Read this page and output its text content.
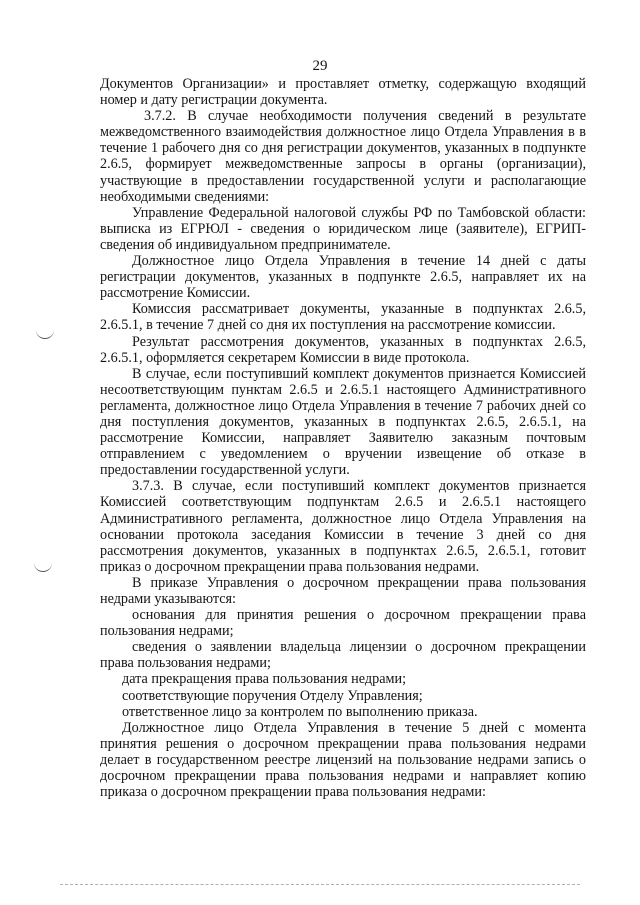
29

Документов Организации» и проставляет отметку, содержащую входящий номер и дату регистрации документа.

3.7.2. В случае необходимости получения сведений в результате межведомственного взаимодействия должностное лицо Отдела Управления в в течение 1 рабочего дня со дня регистрации документов, указанных в подпункте 2.6.5, формирует межведомственные запросы в органы (организации), участвующие в предоставлении государственной услуги и располагающие необходимыми сведениями:

Управление Федеральной налоговой службы РФ по Тамбовской области: выписка из ЕГРЮЛ - сведения о юридическом лице (заявителе), ЕГРИП- сведения об индивидуальном предпринимателе.

Должностное лицо Отдела Управления в течение 14 дней с даты регистрации документов, указанных в подпункте 2.6.5, направляет их на рассмотрение Комиссии.

Комиссия рассматривает документы, указанные в подпунктах 2.6.5, 2.6.5.1, в течение 7 дней со дня их поступления на рассмотрение комиссии.

Результат рассмотрения документов, указанных в подпунктах 2.6.5, 2.6.5.1, оформляется секретарем Комиссии в виде протокола.

В случае, если поступивший комплект документов признается Комиссией несоответствующим пунктам 2.6.5 и 2.6.5.1 настоящего Административного регламента, должностное лицо Отдела Управления в течение 7 рабочих дней со дня поступления документов, указанных в подпунктах 2.6.5, 2.6.5.1, на рассмотрение Комиссии, направляет Заявителю заказным почтовым отправлением с уведомлением о вручении извещение об отказе в предоставлении государственной услуги.

3.7.3. В случае, если поступивший комплект документов признается Комиссией соответствующим подпунктам 2.6.5 и 2.6.5.1 настоящего Административного регламента, должностное лицо Отдела Управления на основании протокола заседания Комиссии в течение 3 дней со дня рассмотрения документов, указанных в подпунктах 2.6.5, 2.6.5.1, готовит приказ о досрочном прекращении права пользования недрами.

В приказе Управления о досрочном прекращении права пользования недрами указываются:

основания для принятия решения о досрочном прекращении права пользования недрами;

сведения о заявлении владельца лицензии о досрочном прекращении права пользования недрами;

дата прекращения права пользования недрами;

соответствующие поручения Отделу Управления;

ответственное лицо за контролем по выполнению приказа.

Должностное лицо Отдела Управления в течение 5 дней с момента принятия решения о досрочном прекращении права пользования недрами делает в государственном реестре лицензий на пользование недрами запись о досрочном прекращении права пользования недрами и направляет копию приказа о досрочном прекращении права пользования недрами:
